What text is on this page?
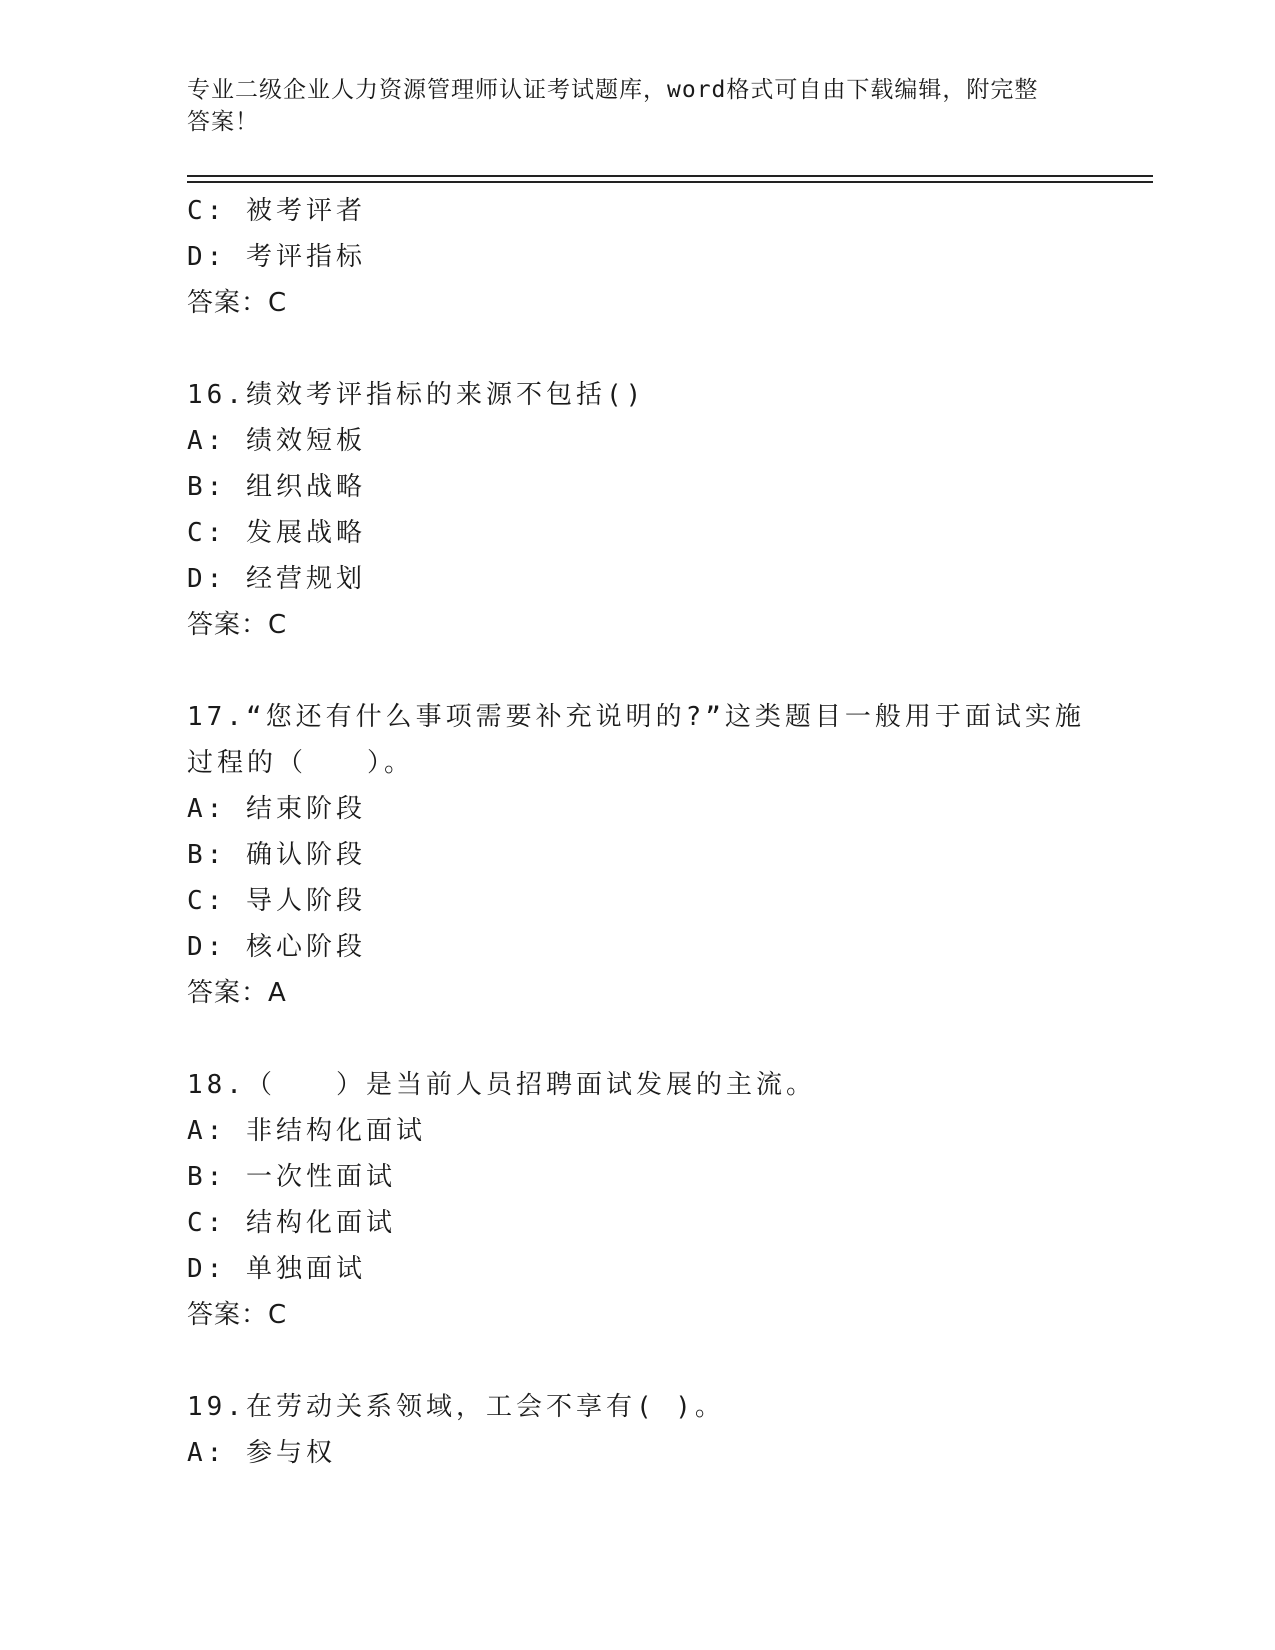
专业二级企业人力资源管理师认证考试题库，word格式可自由下载编辑，附完整
答案！
C: 被考评者
D: 考评指标
答案：C
16.绩效考评指标的来源不包括()
A: 绩效短板
B: 组织战略
C: 发展战略
D: 经营规划
答案：C
17.“您还有什么事项需要补充说明的?”这类题目一般用于面试实施
过程的（　　）。
A: 结束阶段
B: 确认阶段
C: 导人阶段
D: 核心阶段
答案：A
18.（　　）是当前人员招聘面试发展的主流。
A: 非结构化面试
B: 一次性面试
C: 结构化面试
D: 单独面试
答案：C
19.在劳动关系领域，工会不享有( )。
A: 参与权
